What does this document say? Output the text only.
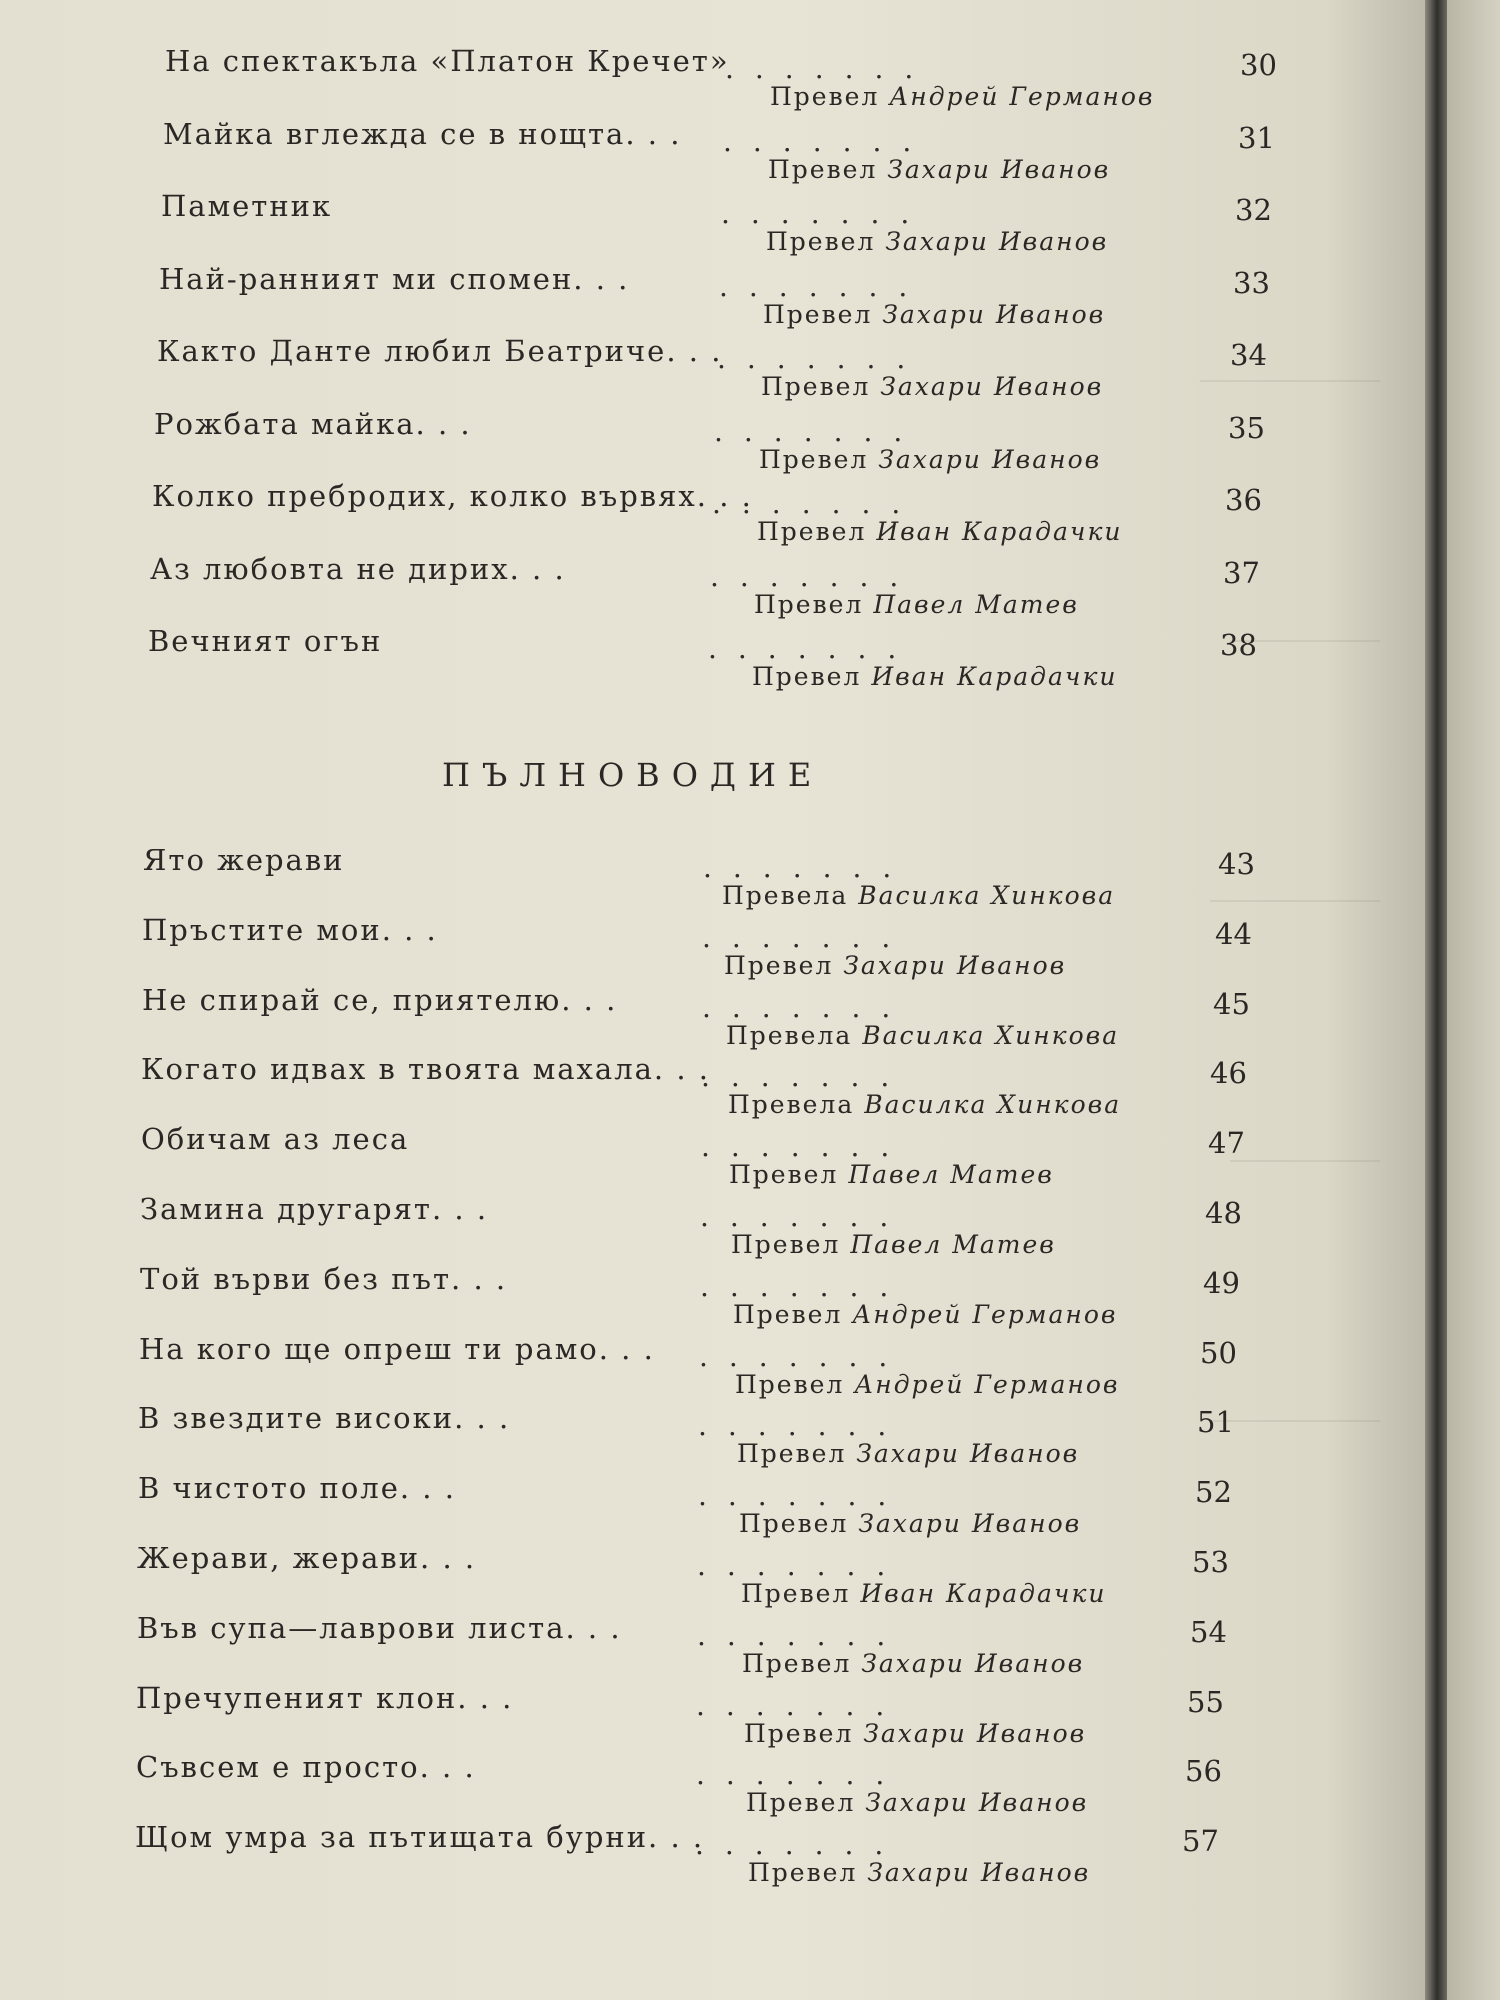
На спектакъла «Платон Кречет»
.......	30
Превел Андрей Германов
Майка вглежда се в нощта. . . .......	31
Превел Захари Иванов
Паметник	.......	32
Превел Захари Иванов
Най-ранният ми спомен. . .	.......	33
Превел Захари Иванов
Както Данте любил Беатриче. . .
.......	34
Превел Захари Иванов
Рожбата майка. . .	.......	35
Превел Захари Иванов
Колко пребродих, колко вървях. . .
.......	36
Превел Иван Карадачки
Аз любовта не дирих. . .	.......	37
Превел Павел Матев
Вечният огън	.......	38
Превел Иван Карадачки
ПЪЛНОВОДИЕ
Ято жерави	.......	43
Превела Василка Хинкова
Пръстите мои. . .	.......	44
Превел Захари Иванов
Не спирай се, приятелю. . .	.......	45
Превела Василка Хинкова
Когато идвах в твоята махала. . .
.......	46
Превела Василка Хинкова
Обичам аз леса	.......	47
Превел Павел Матев
Замина другарят. . .	.......	48
Превел Павел Матев
Той върви без път. . .	.......	49
Превел Андрей Германов
На кого ще опреш ти рамо. . . .......	50
Превел Андрей Германов
В звездите високи. . .	.......	51
Превел Захари Иванов
В чистото поле. . .	.......	52
Превел Захари Иванов
Жерави, жерави. . .	.......	53
Превел Иван Карадачки
Във супа—лаврови листа. . .	.......	54
Превел Захари Иванов
Пречупеният клон. . .	.......	55
Превел Захари Иванов
Съвсем е просто. . .	.......	56
Превел Захари Иванов
Щом умра за пътищата бурни. . .
.......	57
Превел Захари Иванов
